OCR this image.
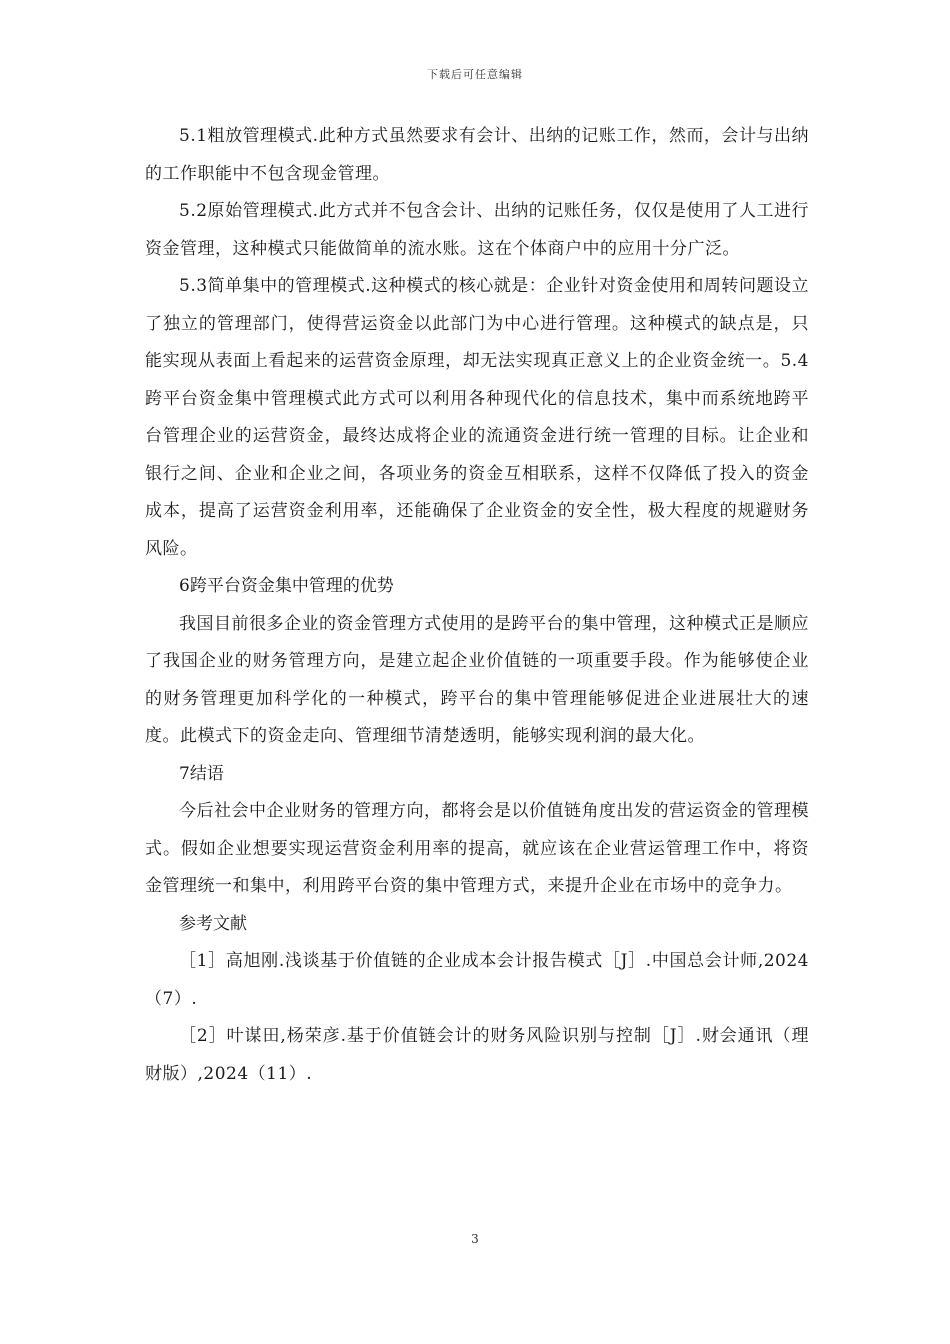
下载后可任意编辑

5.1粗放管理模式.此种方式虽然要求有会计、出纳的记账工作，然而，会计与出纳的工作职能中不包含现金管理。

5.2原始管理模式.此方式并不包含会计、出纳的记账任务，仅仅是使用了人工进行资金管理，这种模式只能做简单的流水账。这在个体商户中的应用十分广泛。

5.3简单集中的管理模式.这种模式的核心就是：企业针对资金使用和周转问题设立了独立的管理部门，使得营运资金以此部门为中心进行管理。这种模式的缺点是，只能实现从表面上看起来的运营资金原理，却无法实现真正意义上的企业资金统一。5.4跨平台资金集中管理模式此方式可以利用各种现代化的信息技术，集中而系统地跨平台管理企业的运营资金，最终达成将企业的流通资金进行统一管理的目标。让企业和银行之间、企业和企业之间，各项业务的资金互相联系，这样不仅降低了投入的资金成本，提高了运营资金利用率，还能确保了企业资金的安全性，极大程度的规避财务风险。

6跨平台资金集中管理的优势

我国目前很多企业的资金管理方式使用的是跨平台的集中管理，这种模式正是顺应了我国企业的财务管理方向，是建立起企业价值链的一项重要手段。作为能够使企业的财务管理更加科学化的一种模式，跨平台的集中管理能够促进企业进展壮大的速度。此模式下的资金走向、管理细节清楚透明，能够实现利润的最大化。

7结语

今后社会中企业财务的管理方向，都将会是以价值链角度出发的营运资金的管理模式。假如企业想要实现运营资金利用率的提高，就应该在企业营运管理工作中，将资金管理统一和集中，利用跨平台资的集中管理方式，来提升企业在市场中的竞争力。

参考文献

［1］高旭刚.浅谈基于价值链的企业成本会计报告模式［J］.中国总会计师,2024（7）.

［2］叶谋田,杨荣彦.基于价值链会计的财务风险识别与控制［J］.财会通讯（理财版）,2024（11）.

3
